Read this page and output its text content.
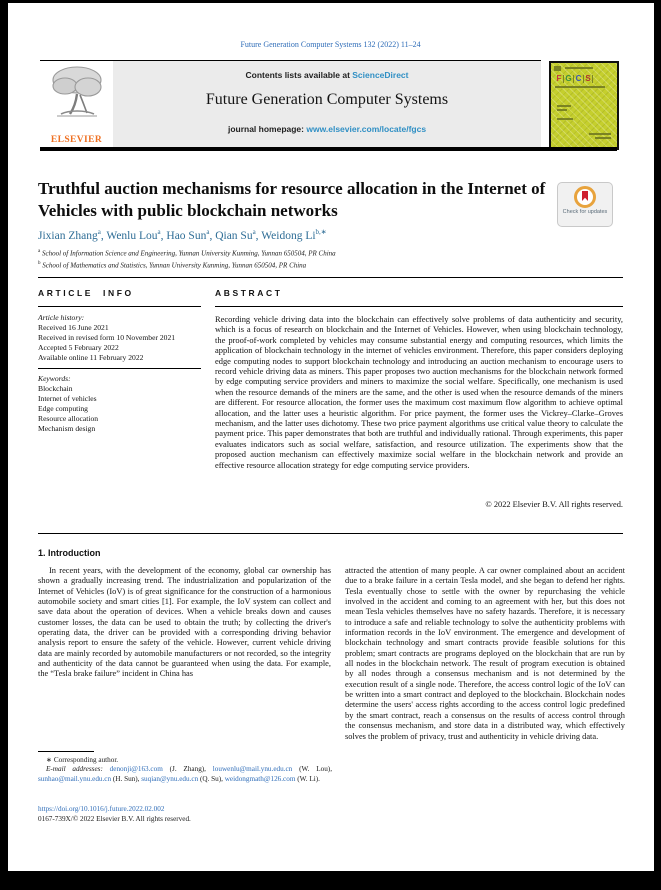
Future Generation Computer Systems 132 (2022) 11–24
ELSEVIER
Contents lists available at ScienceDirect
Future Generation Computer Systems
journal homepage: www.elsevier.com/locate/fgcs
F G C S
Truthful auction mechanisms for resource allocation in the Internet of Vehicles with public blockchain networks	Check for updates
Jixian Zhang$^a$, Wenlu Lou$^a$, Hao Sun$^a$, Qian Su$^a$, Weidong $Li^{b,∗}$
$^a$ School of Information Science and Engineering, Yunnan University Kunming, Yunnan 650504, PR China
$^b$ School of Mathematics and Statistics, Yunnan University Kunming, Yunnan 650504, PR China
ARTICLE INFO
Article history:
Received 16 June 2021
Received in revised form 10 November 2021
Accepted 5 February 2022
Available online 11 February 2022
Keywords:
Blockchain
Internet of vehicles
Edge computing
Resource allocation
Mechanism design
ABSTRACT
Recording vehicle driving data into the blockchain can effectively solve problems of data authenticity and security, which is a focus of research on blockchain and the Internet of Vehicles. However, when using blockchain technology, the proof-of-work completed by vehicles may consume substantial energy and computing resources, which limits the application of blockchain technology in the internet of vehicles environment. Therefore, this paper considers deploying edge computing nodes to support blockchain technology and introducing an auction mechanism to encourage users to record vehicle driving data as miners. This paper proposes two auction mechanisms for the blockchain network formed by edge computing service providers and miners to maximize the social welfare. Specifically, one mechanism is used when the resource demands of the miners are the same, and the other is used when the resource demands of the miners are different. For resource allocation, the former uses the maximum cost maximum flow algorithm to achieve optimal allocation, and the latter uses a heuristic algorithm. For price payment, the former uses the Vickrey–Clarke–Groves mechanism, and the latter uses dichotomy. These two price payment algorithms use critical value theory to calculate the payment price. This paper demonstrates that both are truthful and individually rational. Through experiments, this paper evaluates indicators such as social welfare, satisfaction, and resource utilization. The experiments show that the proposed auction mechanism can effectively maximize social welfare in the blockchain network and provide an effective resource allocation strategy for edge computing service providers.
© 2022 Elsevier B.V. All rights reserved.
1. Introduction
In recent years, with the development of the economy, global car ownership has shown a gradually increasing trend. The industrialization and popularization of the Internet of Vehicles (IoV) is of great significance for the construction of a harmonious automobile society and smart cities [1]. For example, the IoV system can collect and save data about the operation of devices. When a vehicle breaks down and causes customer losses, the data can be used to obtain the truth; by collecting the driver's operating data, the driver can be provided with a corresponding driving behavior analysis report to ensure the safety of the vehicle. However, current vehicle driving data are mainly recorded by automobile manufacturers or not recorded, so the integrity and authenticity of the data cannot be guaranteed when using the data. For example, the “Tesla brake failure” incident in China has
attracted the attention of many people. A car owner complained about an accident due to a brake failure in a certain Tesla model, and she began to defend her rights. Tesla eventually chose to settle with the owner by repurchasing the vehicle involved in the accident and coming to an agreement with her, but this does not mean Tesla vehicles themselves have no safety hazards. Therefore, it is necessary to introduce a safe and reliable technology to solve the authenticity problems with information records in the IoV environment. The emergence and development of blockchain technology and smart contracts provide feasible solutions for this problem; smart contracts are programs deployed on the blockchain that are run by all nodes in the blockchain network. The result of program execution is obtained by all nodes through a consensus mechanism and is not determined by the execution result of a single node. Therefore, the access control logic of the IoV can be written into a smart contract and deployed to the blockchain. Blockchain nodes determine the users' access rights according to the access control logic predefined by the smart contract, reach a consensus on the results of access control through the consensus mechanism, and store data in a distributed way, which effectively solves the problem of privacy, trust and authenticity in vehicle driving data.
∗ Corresponding author.
E-mail addresses: denonji@163.com (J. Zhang), louwenlu@mail.ynu.edu.cn (W. Lou), sunhao@mail.ynu.edu.cn (H. Sun), suqian@ynu.edu.cn (Q. Su), weidongmath@126.com (W. Li).
https://doi.org/10.1016/j.future.2022.02.002
0167-739X/© 2022 Elsevier B.V. All rights reserved.
